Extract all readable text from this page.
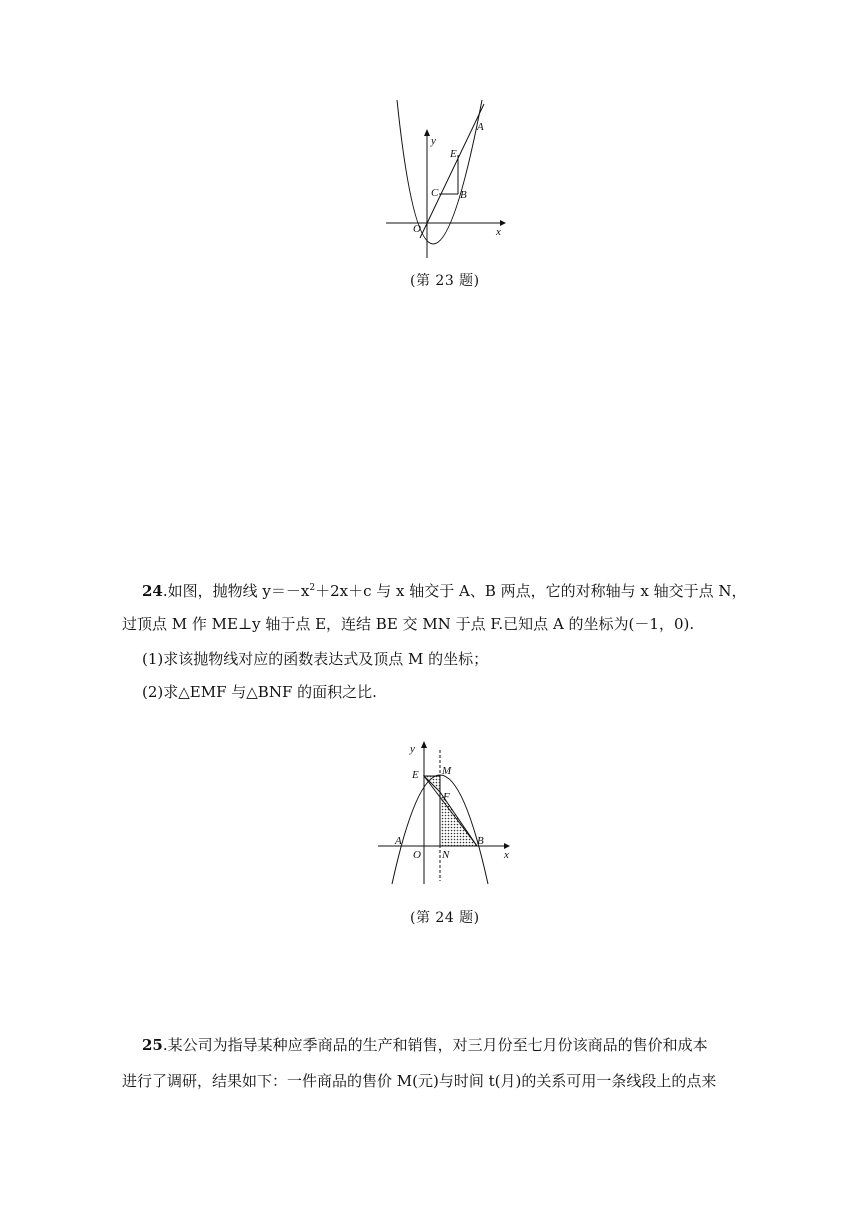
y
x
O
A
E
C B
(第 23 题)
24.如图，抛物线 $y=-x^2+2x+c$ 与 x 轴交于 A、B 两点，它的对称轴与 x 轴交于点 N，
过顶点 M 作 ME⊥y 轴于点 E，连结 BE 交 MN 于点 F.已知点 A 的坐标为(－1，0).
(1)求该抛物线对应的函数表达式及顶点 M 的坐标；
(2)求△EMF 与△BNF 的面积之比.
y
x
O
A	B
E M
F
N
(第 24 题)
25.某公司为指导某种应季商品的生产和销售，对三月份至七月份该商品的售价和成本
进行了调研，结果如下：一件商品的售价 M(元)与时间 t(月)的关系可用一条线段上的点来
